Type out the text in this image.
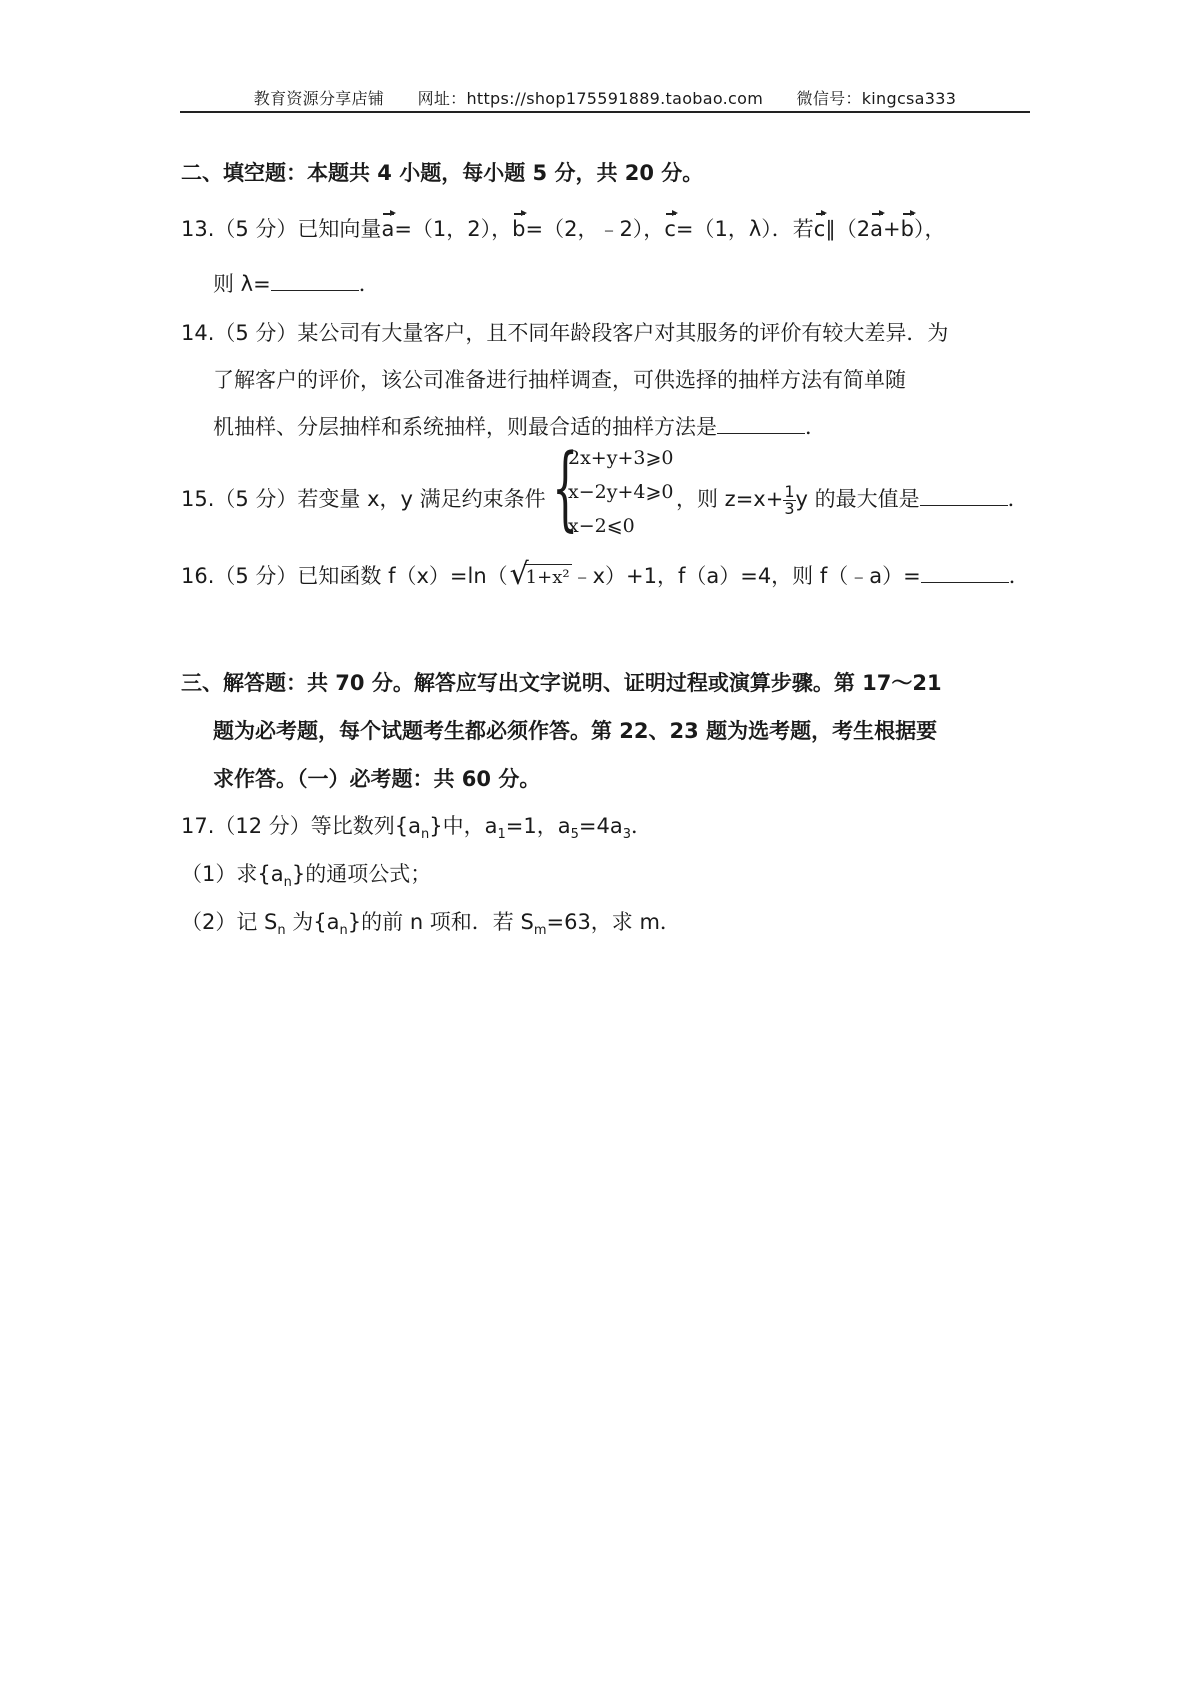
教育资源分享店铺 网址：https://shop175591889.taobao.com 微信号：kingcsa333
二、填空题：本题共 4 小题，每小题 5 分，共 20 分。
13.（5 分）已知向量a=（1，2），b=（2，﹣2），c=（1，λ）．若c∥（2a+b），
则 λ=	．
14.（5 分）某公司有大量客户，且不同年龄段客户对其服务的评价有较大差异．为
了解客户的评价，该公司准备进行抽样调查，可供选择的抽样方法有简单随
机抽样、分层抽样和系统抽样，则最合适的抽样方法是	．
15.（5 分）若变量 x，y 满足约束条件 {
2x+y+3⩾0
x−2y+4⩾0
x−2⩽0
，则 $z=x+ \frac{1}{3}$ y 的最大值是	．
16.（5 分）已知函数 f（x）=ln（ √
1+x²﹣x）+1，f（a）=4，则 f（﹣a）=	．
三、解答题：共 70 分。解答应写出文字说明、证明过程或演算步骤。第 17～21
题为必考题，每个试题考生都必须作答。第 22、23 题为选考题，考生根据要
求作答。（一）必考题：共 60 分。
17.（12 分）等比数列$\{a_n\}$中，$a_1=1$，$a_5=4a_3$．
（1）求$\{a_n\}$的通项公式；
（2）记 $S_n$ 为$\{a_n\}$的前 n 项和．若 $S_m=63$，求 m．
